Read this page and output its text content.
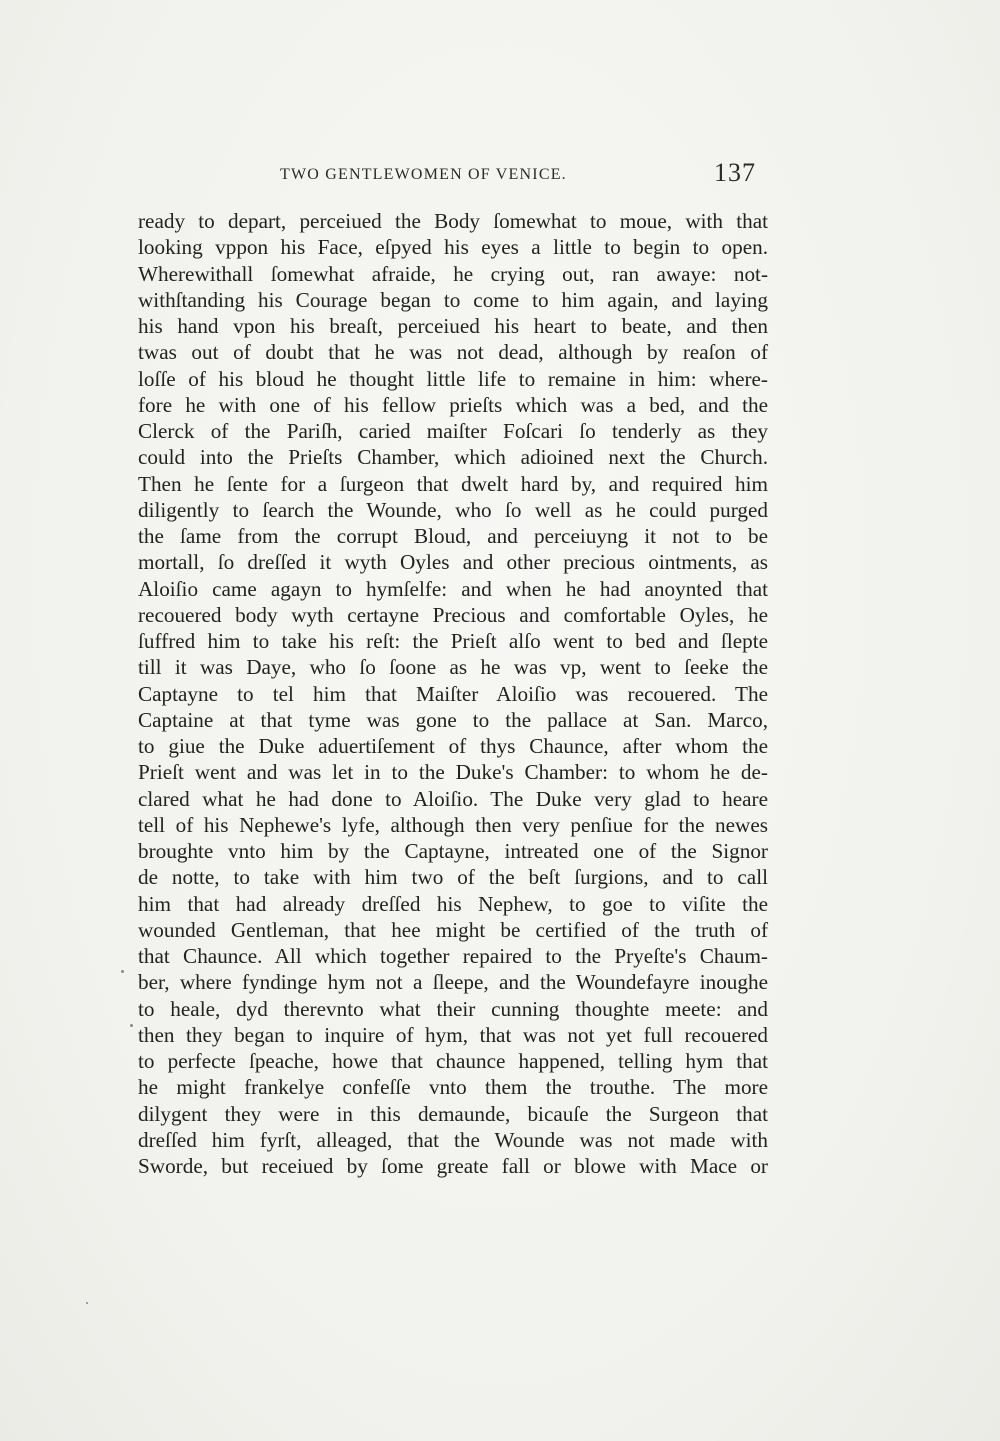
TWO GENTLEWOMEN OF VENICE.	137
ready to depart, perceiued the Body ſomewhat to moue, with that
looking vppon his Face, eſpyed his eyes a little to begin to open.
Wherewithall ſomewhat afraide, he crying out, ran awaye: not-
withſtanding his Courage began to come to him again, and laying
his hand vpon his breaſt, perceiued his heart to beate, and then
twas out of doubt that he was not dead, although by reaſon of
loſſe of his bloud he thought little life to remaine in him: where-
fore he with one of his fellow prieſts which was a bed, and the
Clerck of the Pariſh, caried maiſter Foſcari ſo tenderly as they
could into the Prieſts Chamber, which adioined next the Church.
Then he ſente for a ſurgeon that dwelt hard by, and required him
diligently to ſearch the Wounde, who ſo well as he could purged
the ſame from the corrupt Bloud, and perceiuyng it not to be
mortall, ſo dreſſed it wyth Oyles and other precious ointments, as
Aloiſio came agayn to hymſelfe: and when he had anoynted that
recouered body wyth certayne Precious and comfortable Oyles, he
ſuffred him to take his reſt: the Prieſt alſo went to bed and ſlepte
till it was Daye, who ſo ſoone as he was vp, went to ſeeke the
Captayne to tel him that Maiſter Aloiſio was recouered. The
Captaine at that tyme was gone to the pallace at San. Marco,
to giue the Duke aduertiſement of thys Chaunce, after whom the
Prieſt went and was let in to the Duke's Chamber: to whom he de-
clared what he had done to Aloiſio. The Duke very glad to heare
tell of his Nephewe's lyfe, although then very penſiue for the newes
broughte vnto him by the Captayne, intreated one of the Signor
de notte, to take with him two of the beſt ſurgions, and to call
him that had already dreſſed his Nephew, to goe to viſite the
wounded Gentleman, that hee might be certified of the truth of
that Chaunce. All which together repaired to the Pryeſte's Chaum-
ber, where fyndinge hym not a ſleepe, and the Woundefayre inoughe
to heale, dyd therevnto what their cunning thoughte meete: and
then they began to inquire of hym, that was not yet full recouered
to perfecte ſpeache, howe that chaunce happened, telling hym that
he might frankelye confeſſe vnto them the trouthe. The more
dilygent they were in this demaunde, bicauſe the Surgeon that
dreſſed him fyrſt, alleaged, that the Wounde was not made with
Sworde, but receiued by ſome greate fall or blowe with Mace or
